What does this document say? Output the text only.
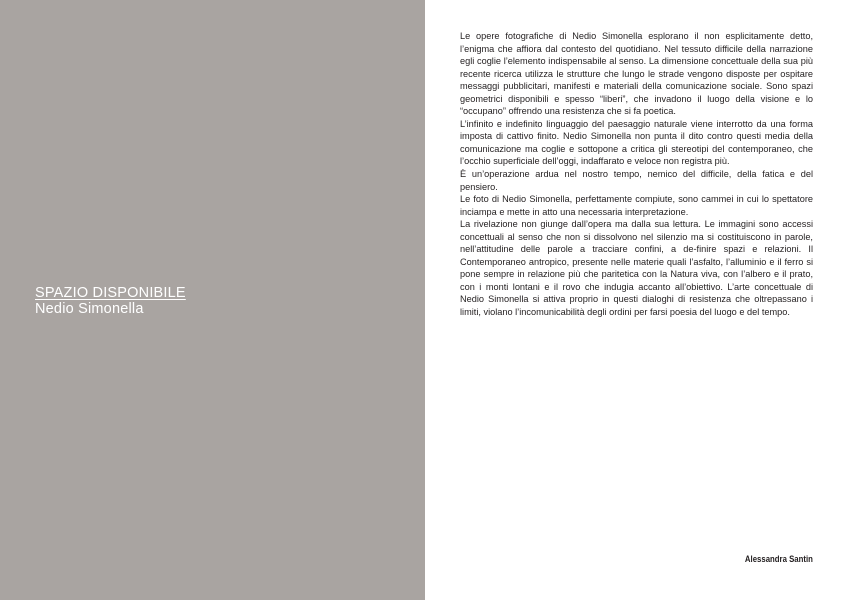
SPAZIO DISPONIBILE
Nedio Simonella

Le opere fotografiche di Nedio Simonella esplorano il non esplicitamente detto, l’enigma che affiora dal contesto del quotidiano. Nel tessuto difficile della narrazione egli coglie l’elemento indispensabile al senso. La dimensione concettuale della sua più recente ricerca utilizza le strutture che lungo le strade vengono disposte per ospitare messaggi pubblicitari, manifesti e materiali della comunicazione sociale. Sono spazi geometrici disponibili e spesso “liberi”, che invadono il luogo della visione e lo “occupano” offrendo una resistenza che si fa poetica.

L’infinito e indefinito linguaggio del paesaggio naturale viene interrotto da una forma imposta di cattivo finito. Nedio Simonella non punta il dito contro questi media della comunicazione ma coglie e sottopone a critica gli stereotipi del contemporaneo, che l’occhio superficiale dell’oggi, indaffarato e veloce non registra più.

È un’operazione ardua nel nostro tempo, nemico del difficile, della fatica e del pensiero.

Le foto di Nedio Simonella, perfettamente compiute, sono cammei in cui lo spettatore inciampa e mette in atto una necessaria interpretazione.

La rivelazione non giunge dall’opera ma dalla sua lettura. Le immagini sono accessi concettuali al senso che non si dissolvono nel silenzio ma si costituiscono in parole, nell’attitudine delle parole a tracciare confini, a de-finire spazi e relazioni. Il Contemporaneo antropico, presente nelle materie quali l’asfalto, l’alluminio e il ferro si pone sempre in relazione più che paritetica con la Natura viva, con l’albero e il prato, con i monti lontani e il rovo che indugia accanto all’obiettivo. L’arte concettuale di Nedio Simonella si attiva proprio in questi dialoghi di resistenza che oltrepassano i limiti, violano l’incomunicabilità degli ordini per farsi poesia del luogo e del tempo.

Alessandra Santin
